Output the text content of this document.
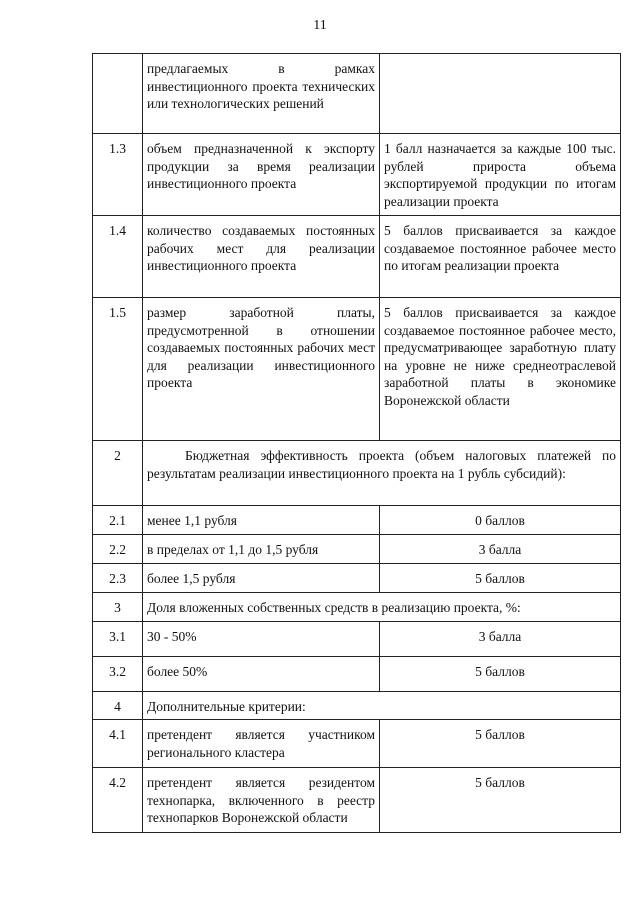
11
	предлагаемых в рамках инвестиционного проекта технических или технологических решений	
1.3	объем предназначенной к экспорту продукции за время реализации инвестиционного проекта	1 балл назначается за каждые 100 тыс. рублей прироста объема экспортируемой продукции по итогам реализации проекта
1.4	количество создаваемых постоянных рабочих мест для реализации инвестиционного проекта	5 баллов присваивается за каждое создаваемое постоянное рабочее место по итогам реализации проекта
1.5	размер заработной платы, предусмотренной в отношении создаваемых постоянных рабочих мест для реализации инвестиционного проекта	5 баллов присваивается за каждое создаваемое постоянное рабочее место, предусматривающее заработную плату на уровне не ниже среднеотраслевой заработной платы в экономике Воронежской области
2	Бюджетная эффективность проекта (объем налоговых платежей по результатам реализации инвестиционного проекта на 1 рубль субсидий):	
2.1	менее 1,1 рубля	0 баллов
2.2	в пределах от 1,1 до 1,5 рубля	3 балла
2.3	более 1,5 рубля	5 баллов
3	Доля вложенных собственных средств в реализацию проекта, %:	
3.1	30 - 50%	3 балла
3.2	более 50%	5 баллов
4	Дополнительные критерии:	
4.1	претендент является участником регионального кластера	5 баллов
4.2	претендент является резидентом технопарка, включенного в реестр технопарков Воронежской области	5 баллов
